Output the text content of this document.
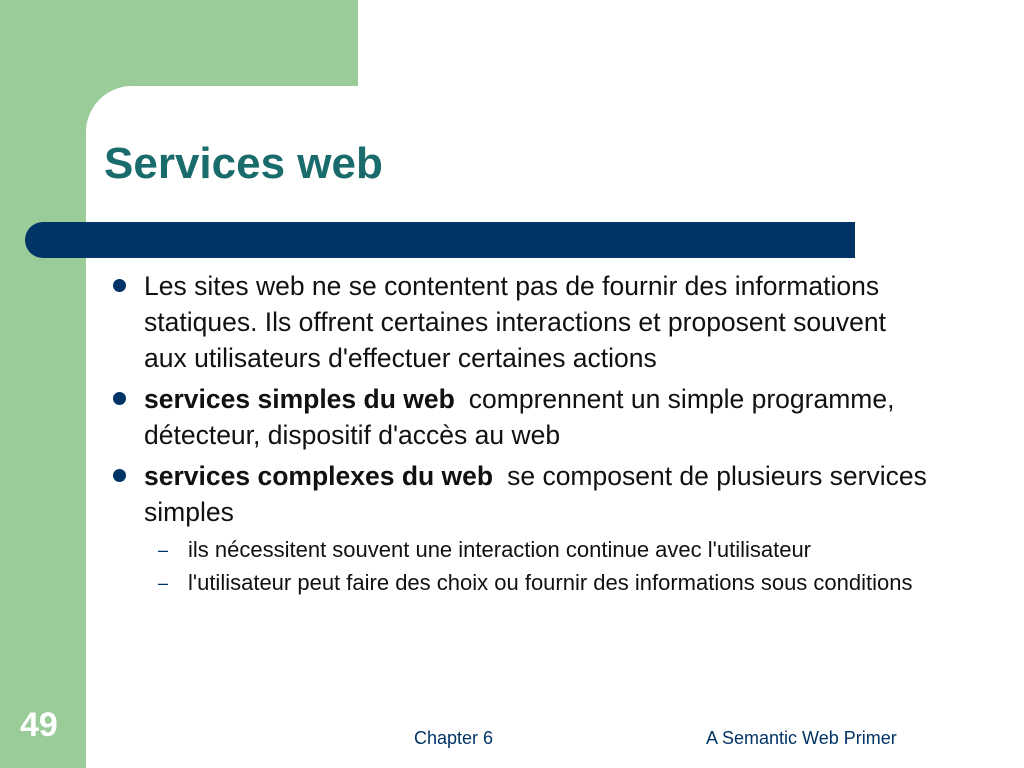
Services web
Les sites web ne se contentent pas de fournir des informations statiques. Ils offrent certaines interactions et proposent souvent aux utilisateurs d'effectuer certaines actions
services simples du web comprennent un simple programme, détecteur, dispositif d'accès au web
services complexes du web se composent de plusieurs services simples
– ils nécessitent souvent une interaction continue avec l'utilisateur
– l'utilisateur peut faire des choix ou fournir des informations sous conditions
49	Chapter 6	A Semantic Web Primer
